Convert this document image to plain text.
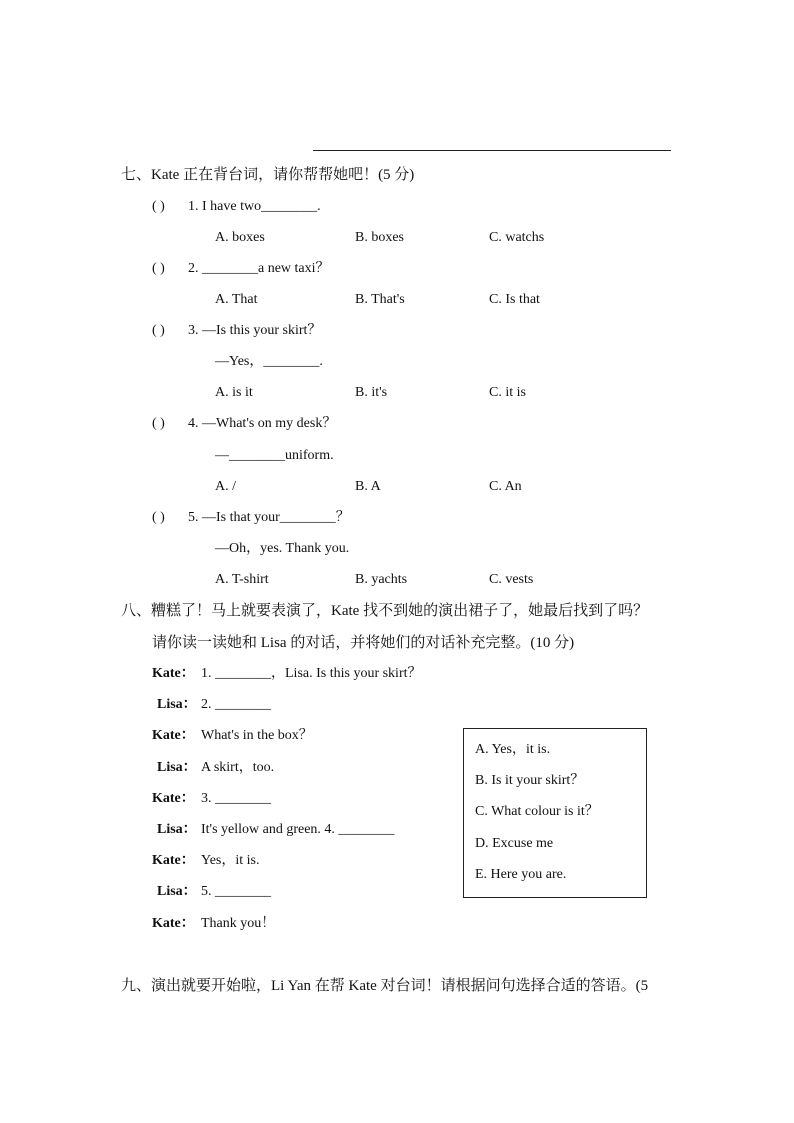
七、Kate 正在背台词，请你帮帮她吧！(5 分)
( ) 1. I have two________.
A. boxes	B. boxes	C. watchs
( ) 2. ________a new taxi？
A. That	B. That's	C. Is that
( ) 3. —Is this your skirt？
—Yes，________.
A. is it	B. it's	C. it is
( ) 4. —What's on my desk？
—________uniform.
A. /	B. A	C. An
( ) 5. —Is that your________？
—Oh，yes. Thank you.
A. T-shirt	B. yachts	C. vests
八、糟糕了！马上就要表演了，Kate 找不到她的演出裙子了，她最后找到了吗？
请你读一读她和 Lisa 的对话，并将她们的对话补充完整。(10 分)
Kate： 1. ________，Lisa. Is this your skirt？
Lisa： 2. ________
Kate： What's in the box？
Lisa： A skirt，too.
Kate： 3. ________
Lisa： It's yellow and green. 4. ________
Kate： Yes，it is.
Lisa： 5. ________
Kate： Thank you！
A. Yes，it is.
B. Is it your skirt？
C. What colour is it？
D. Excuse me
E. Here you are.
九、演出就要开始啦，Li Yan 在帮 Kate 对台词！请根据问句选择合适的答语。(5
